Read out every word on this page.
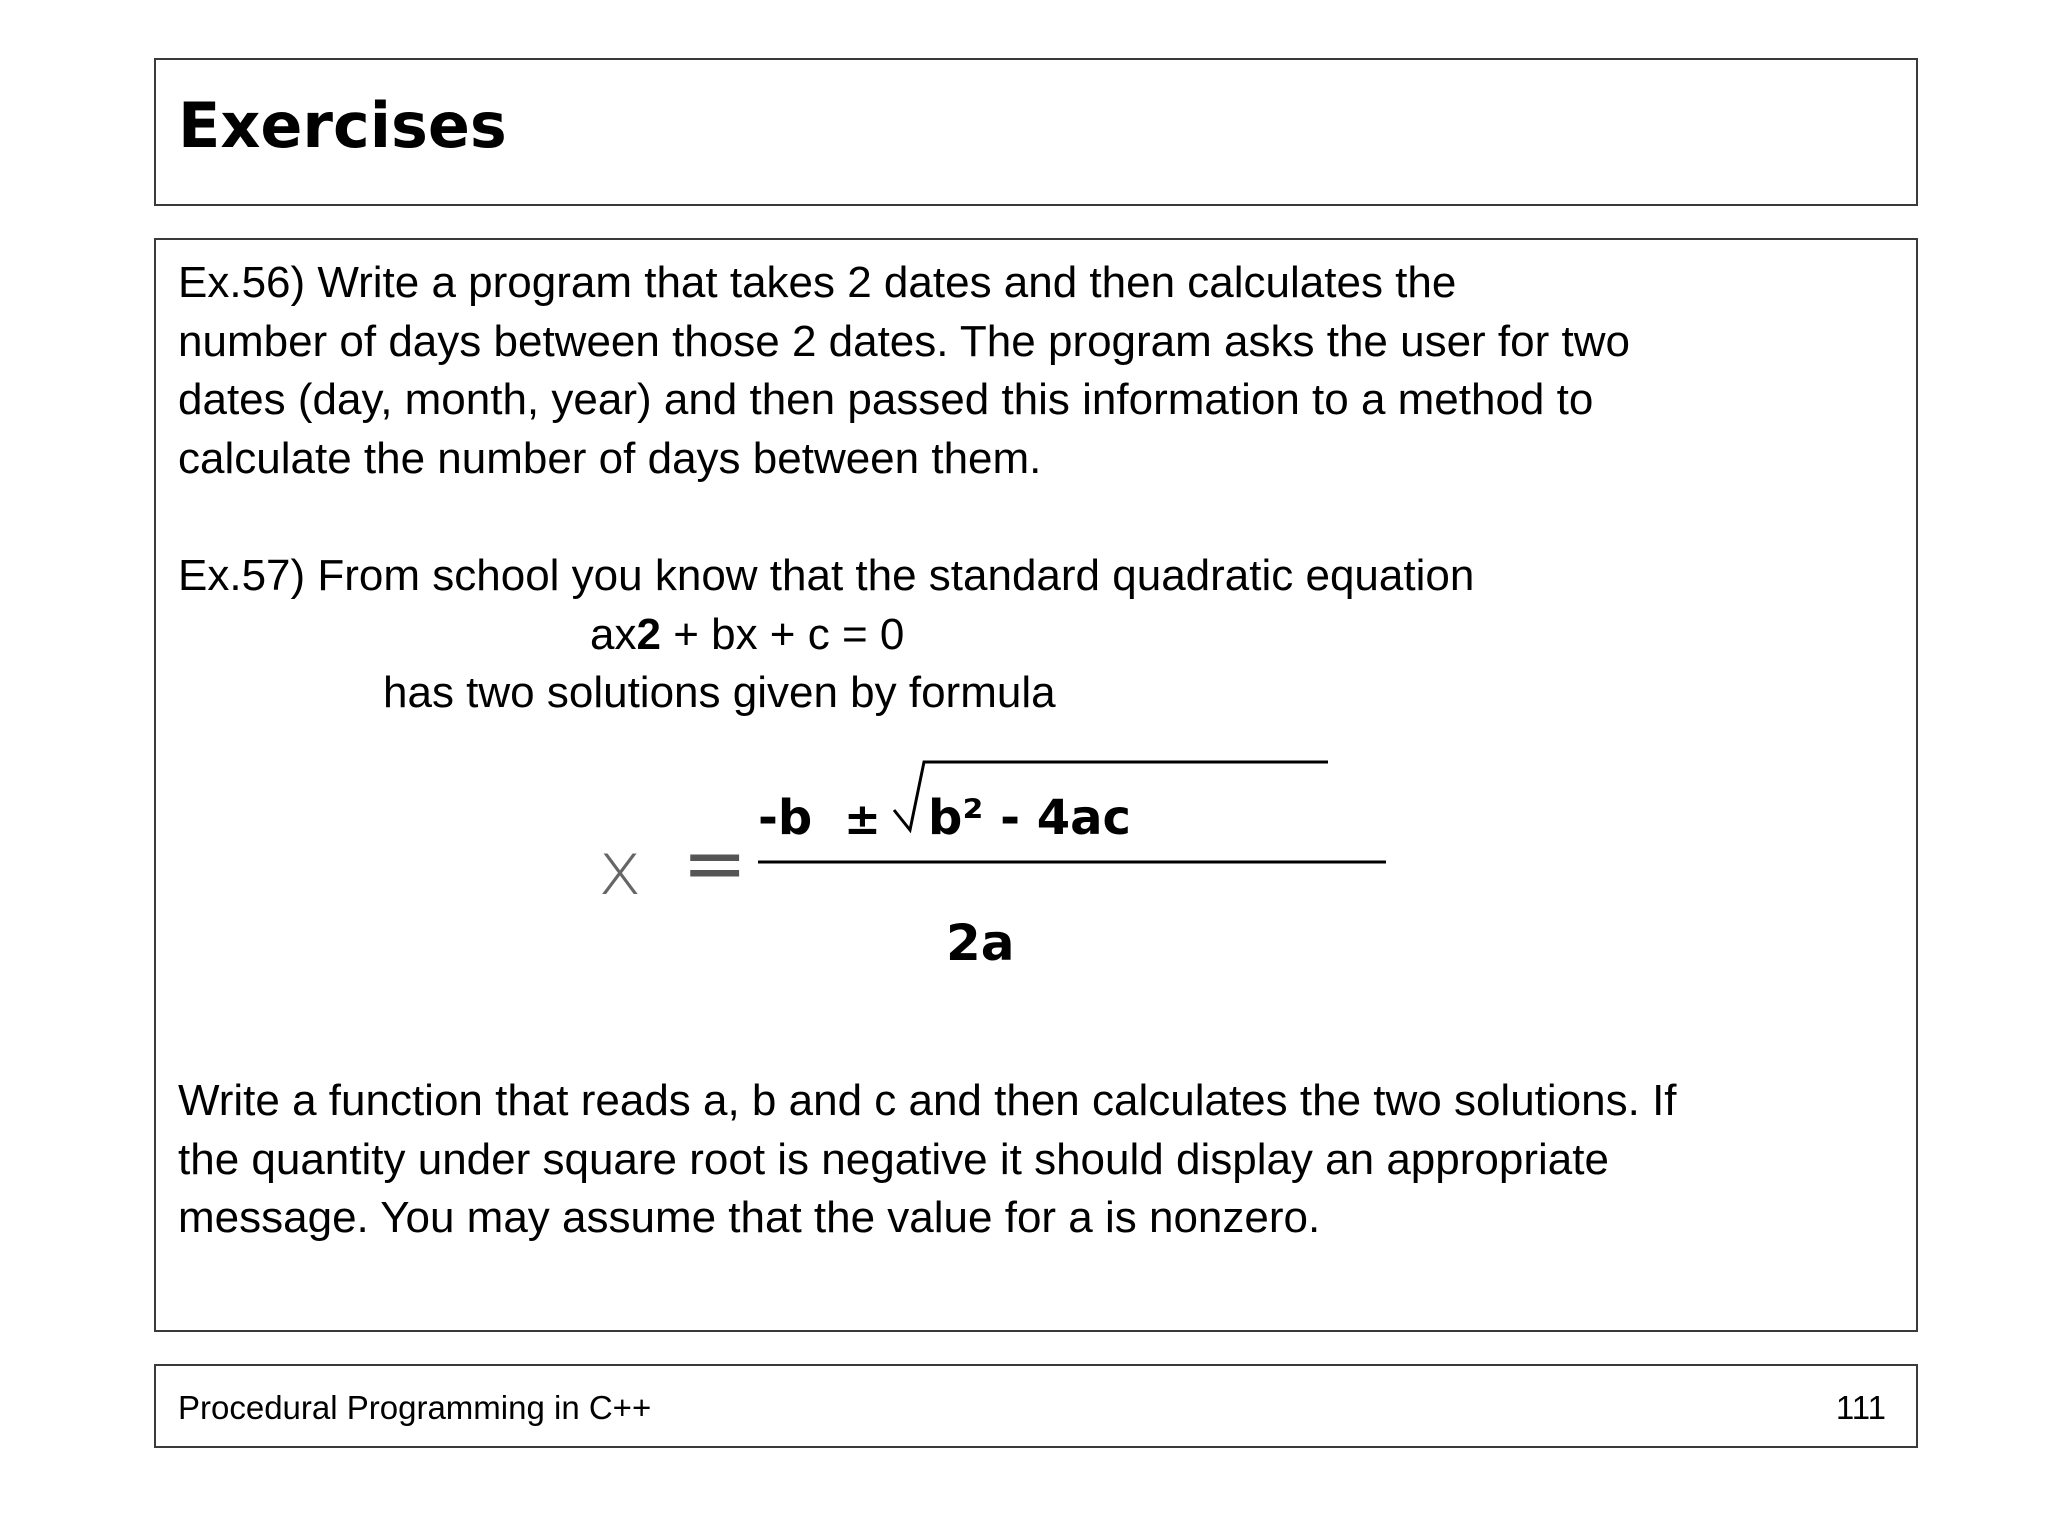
Exercises

Ex.56) Write a program that takes 2 dates and then calculates the
number of days between those 2 dates. The program asks the user for two
dates (day, month, year) and then passed this information to a method to
calculate the number of days between them.

Ex.57) From school you know that the standard quadratic equation

ax2 + bx + c = 0
has two solutions given by formula
x =
-b ± b² - 4ac
2a

Write a function that reads a, b and c and then calculates the two solutions. If
the quantity under square root is negative it should display an appropriate
message. You may assume that the value for a is nonzero.

Procedural Programming in C++	111
